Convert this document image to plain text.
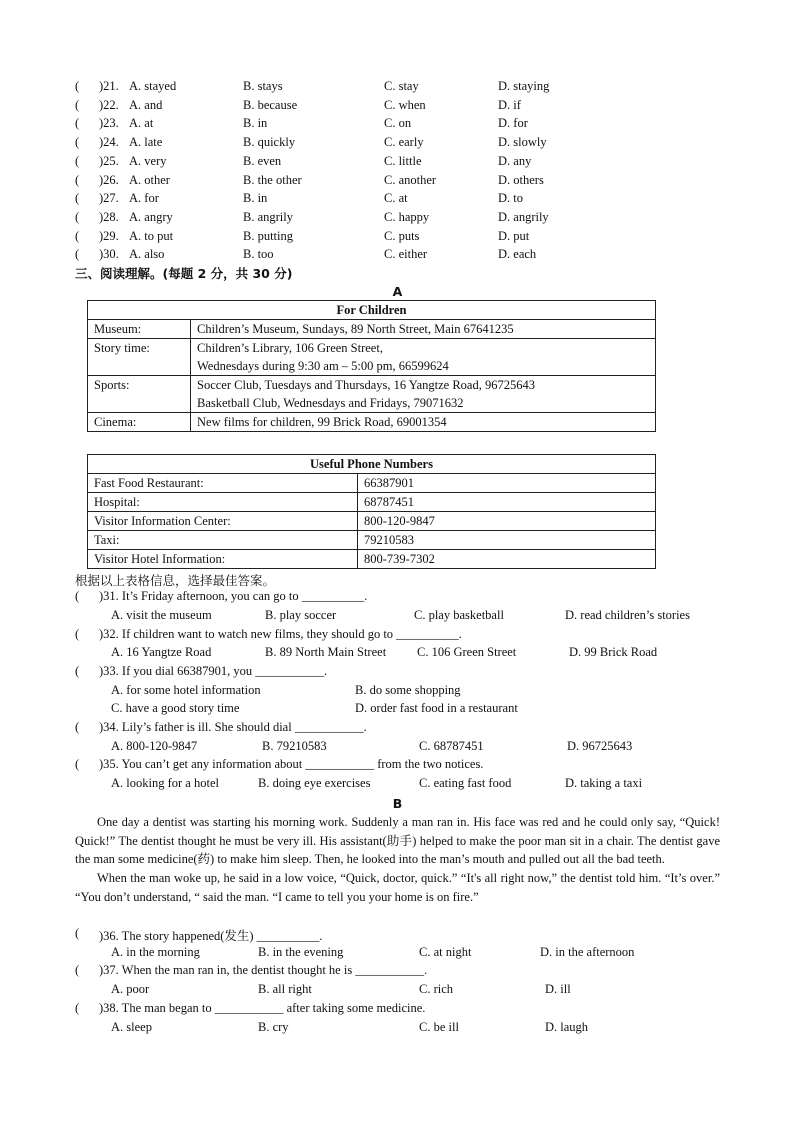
( )21. A. stayed	B. stays	C. stay	D. staying
( )22. A. and	B. because	C. when	D. if
( )23. A. at	B. in	C. on	D. for
( )24. A. late	B. quickly	C. early	D. slowly
( )25. A. very	B. even	C. little	D. any
( )26. A. other	B. the other	C. another	D. others
( )27. A. for	B. in	C. at	D. to
( )28. A. angry	B. angrily	C. happy	D. angrily
( )29. A. to put	B. putting	C. puts	D. put
( )30. A. also	B. too	C. either	D. each
三、阅读理解。(每题 2 分，共 30 分)
A
For Children	
Museum:	Children’s Museum, Sundays, 89 North Street, Main 67641235
Story time:	Children’s Library, 106 Green Street,
Wednesdays during 9:30 am – 5:00 pm, 66599624

Sports:	Soccer Club, Tuesdays and Thursdays, 16 Yangtze Road, 96725643
Basketball Club, Wednesdays and Fridays, 79071632

Cinema:	New films for children, 99 Brick Road, 69001354
Useful Phone Numbers	
Fast Food Restaurant:	66387901
Hospital:	68787451
Visitor Information Center:	800-120-9847
Taxi:	79210583
Visitor Hotel Information:	800-739-7302
根据以上表格信息，选择最佳答案。
( )31. It’s Friday afternoon, you can go to __________.
A. visit the museum	B. play soccer	C. play basketball	D. read children’s stories
( )32. If children want to watch new films, they should go to __________.
A. 16 Yangtze Road	B. 89 North Main Street C. 106 Green Street	D. 99 Brick Road
( )33. If you dial 66387901, you ___________.
A. for some hotel information	B. do some shopping
C. have a good story time	D. order fast food in a restaurant
( )34. Lily’s father is ill. She should dial ___________.
A. 800-120-9847	B. 79210583	C. 68787451	D. 96725643
( )35. You can’t get any information about ___________ from the two notices.
A. looking for a hotel	B. doing eye exercises	C. eating fast food	D. taking a taxi
B

One day a dentist was starting his morning work. Suddenly a man ran in. His face was red and he could only say, “Quick! Quick!” The dentist thought he must be very ill. His assistant(助手) helped to make the poor man sit in a chair. The dentist gave the man some medicine(药) to make him sleep. Then, he looked into the man’s mouth and pulled out all the bad teeth.

When the man woke up, he said in a low voice, “Quick, doctor, quick.” “It's all right now,” the dentist told him. “It’s over.” “You don’t understand, “ said the man. “I came to tell you your home is on fire.”

( )36. The story happened(发生) __________.
A. in the morning	B. in the evening	C. at night	D. in the afternoon
( )37. When the man ran in, the dentist thought he is ___________.
A. poor	B. all right	C. rich	D. ill
( )38. The man began to ___________ after taking some medicine.
A. sleep	B. cry	C. be ill	D. laugh
